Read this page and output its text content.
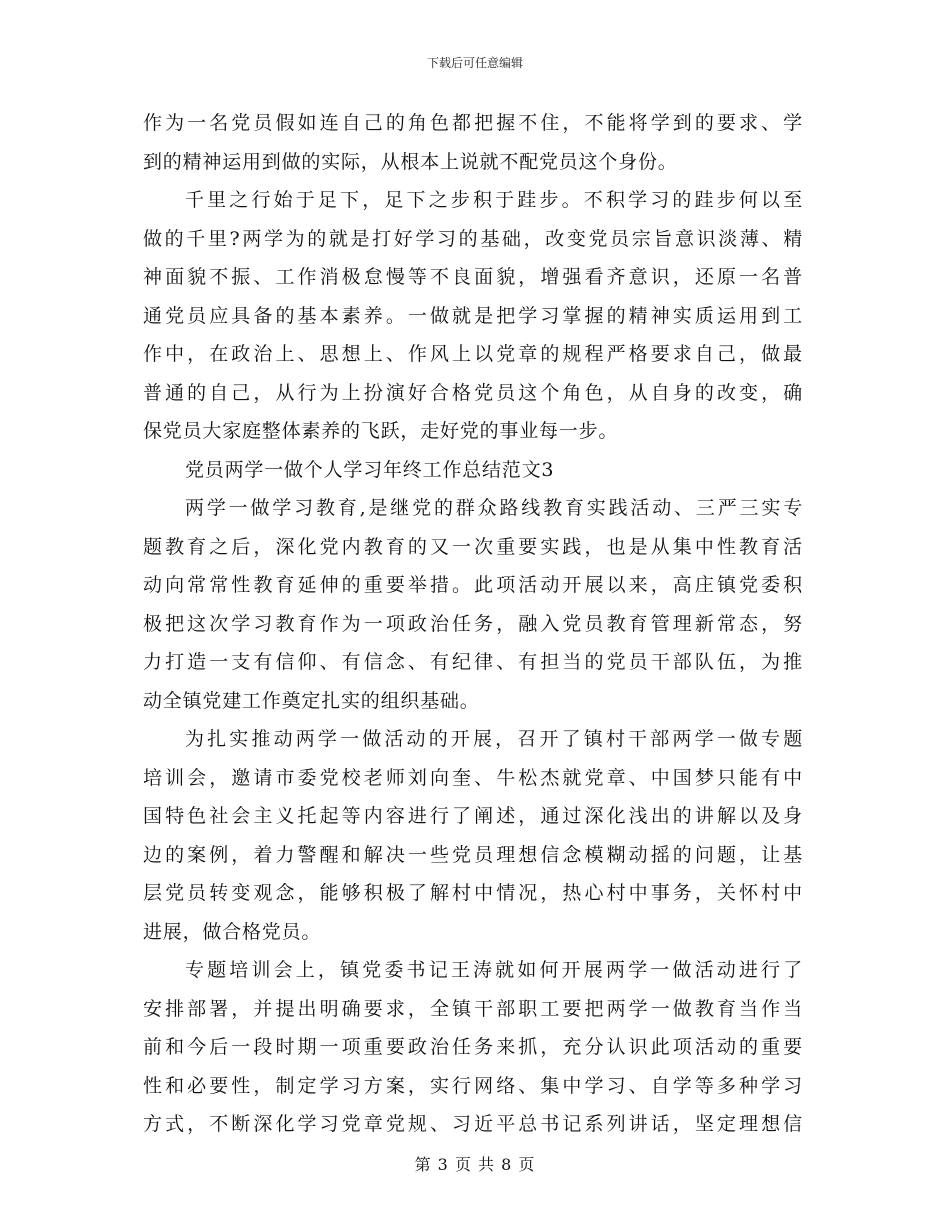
下载后可任意编辑
作为一名党员假如连自己的角色都把握不住，不能将学到的要求、学
到的精神运用到做的实际，从根本上说就不配党员这个身份。
千里之行始于足下，足下之步积于跬步。不积学习的跬步何以至
做的千里?两学为的就是打好学习的基础，改变党员宗旨意识淡薄、精
神面貌不振、工作消极怠慢等不良面貌，增强看齐意识，还原一名普
通党员应具备的基本素养。一做就是把学习掌握的精神实质运用到工
作中，在政治上、思想上、作风上以党章的规程严格要求自己，做最
普通的自己，从行为上扮演好合格党员这个角色，从自身的改变，确
保党员大家庭整体素养的飞跃，走好党的事业每一步。
党员两学一做个人学习年终工作总结范文3
两学一做学习教育,是继党的群众路线教育实践活动、三严三实专
题教育之后，深化党内教育的又一次重要实践，也是从集中性教育活
动向常常性教育延伸的重要举措。此项活动开展以来，高庄镇党委积
极把这次学习教育作为一项政治任务，融入党员教育管理新常态，努
力打造一支有信仰、有信念、有纪律、有担当的党员干部队伍，为推
动全镇党建工作奠定扎实的组织基础。
为扎实推动两学一做活动的开展，召开了镇村干部两学一做专题
培训会，邀请市委党校老师刘向奎、牛松杰就党章、中国梦只能有中
国特色社会主义托起等内容进行了阐述，通过深化浅出的讲解以及身
边的案例，着力警醒和解决一些党员理想信念模糊动摇的问题，让基
层党员转变观念，能够积极了解村中情况，热心村中事务，关怀村中
进展，做合格党员。
专题培训会上，镇党委书记王涛就如何开展两学一做活动进行了
安排部署，并提出明确要求，全镇干部职工要把两学一做教育当作当
前和今后一段时期一项重要政治任务来抓，充分认识此项活动的重要
性和必要性，制定学习方案，实行网络、集中学习、自学等多种学习
方式，不断深化学习党章党规、习近平总书记系列讲话，坚定理想信
第 3 页 共 8 页
